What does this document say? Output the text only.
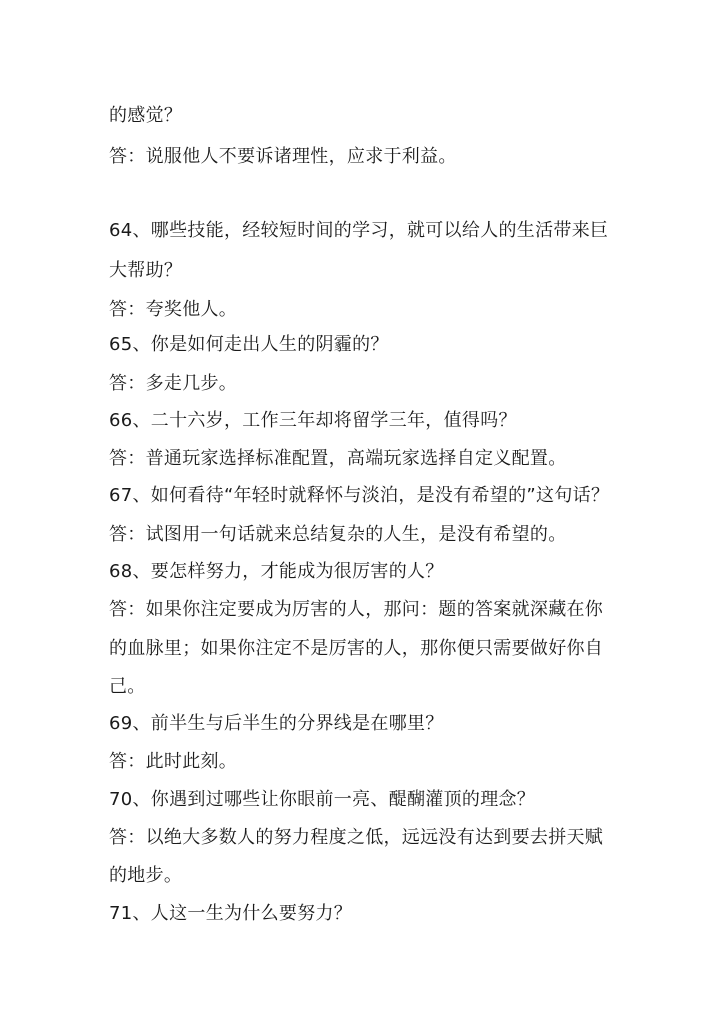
的感觉？
答：说服他人不要诉诸理性，应求于利益。
64、哪些技能，经较短时间的学习，就可以给人的生活带来巨
大帮助？
答：夸奖他人。
65、你是如何走出人生的阴霾的？
答：多走几步。
66、二十六岁，工作三年却将留学三年，值得吗？
答：普通玩家选择标准配置，高端玩家选择自定义配置。
67、如何看待“年轻时就释怀与淡泊，是没有希望的”这句话？
答：试图用一句话就来总结复杂的人生，是没有希望的。
68、要怎样努力，才能成为很厉害的人？
答：如果你注定要成为厉害的人，那问：题的答案就深藏在你
的血脉里；如果你注定不是厉害的人，那你便只需要做好你自
己。
69、前半生与后半生的分界线是在哪里？
答：此时此刻。
70、你遇到过哪些让你眼前一亮、醍醐灌顶的理念？
答：以绝大多数人的努力程度之低，远远没有达到要去拼天赋
的地步。
71、人这一生为什么要努力？
